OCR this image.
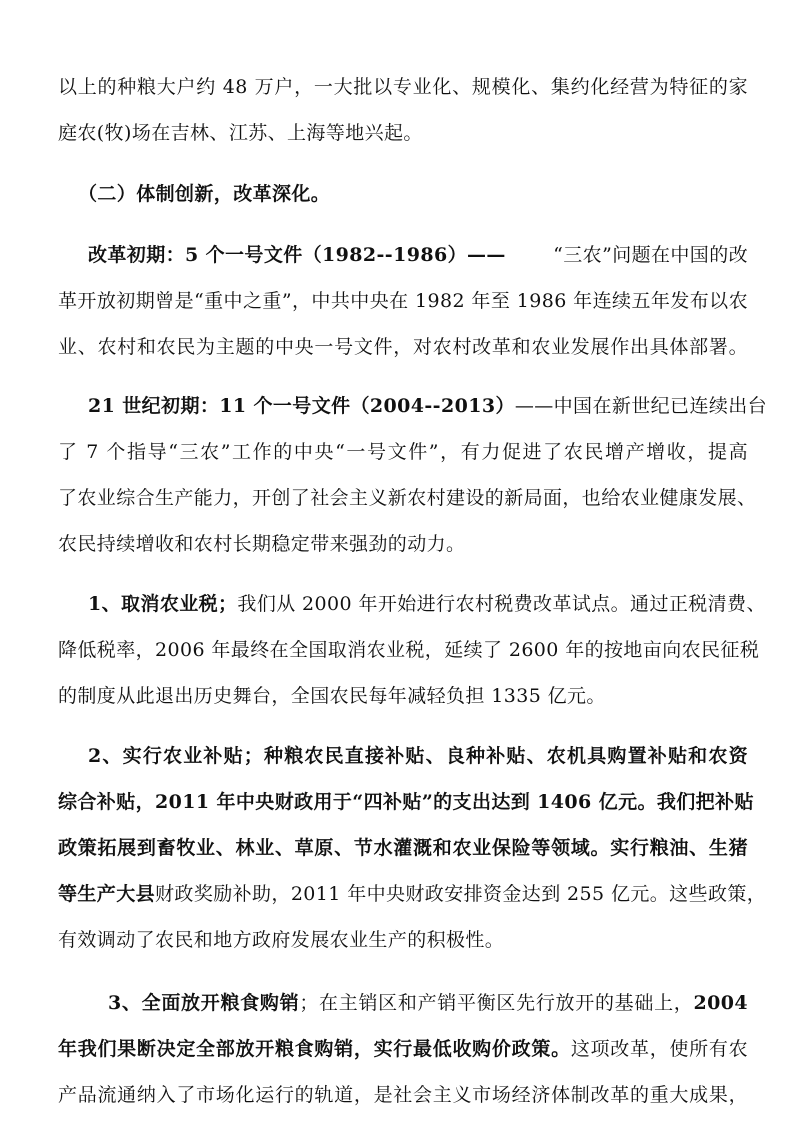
以上的种粮大户约 48 万户，一大批以专业化、规模化、集约化经营为特征的家
庭农(牧)场在吉林、江苏、上海等地兴起。
（二）体制创新，改革深化。
改革初期：5 个一号文件（1982--1986）—— “三农”问题在中国的改
革开放初期曾是“重中之重”，中共中央在 1982 年至 1986 年连续五年发布以农
业、农村和农民为主题的中央一号文件，对农村改革和农业发展作出具体部署。
21 世纪初期：11 个一号文件（2004--2013）——中国在新世纪已连续出台
了 7 个指导“三农”工作的中央“一号文件”，有力促进了农民增产增收，提高
了农业综合生产能力，开创了社会主义新农村建设的新局面，也给农业健康发展、
农民持续增收和农村长期稳定带来强劲的动力。
1、取消农业税；我们从 2000 年开始进行农村税费改革试点。通过正税清费、
降低税率，2006 年最终在全国取消农业税，延续了 2600 年的按地亩向农民征税
的制度从此退出历史舞台，全国农民每年减轻负担 1335 亿元。
2、实行农业补贴；种粮农民直接补贴、良种补贴、农机具购置补贴和农资
综合补贴，2011 年中央财政用于“四补贴”的支出达到 1406 亿元。我们把补贴
政策拓展到畜牧业、林业、草原、节水灌溉和农业保险等领域。实行粮油、生猪
等生产大县财政奖励补助，2011 年中央财政安排资金达到 255 亿元。这些政策，
有效调动了农民和地方政府发展农业生产的积极性。
3、全面放开粮食购销；在主销区和产销平衡区先行放开的基础上，2004
年我们果断决定全部放开粮食购销，实行最低收购价政策。这项改革，使所有农
产品流通纳入了市场化运行的轨道，是社会主义市场经济体制改革的重大成果，
